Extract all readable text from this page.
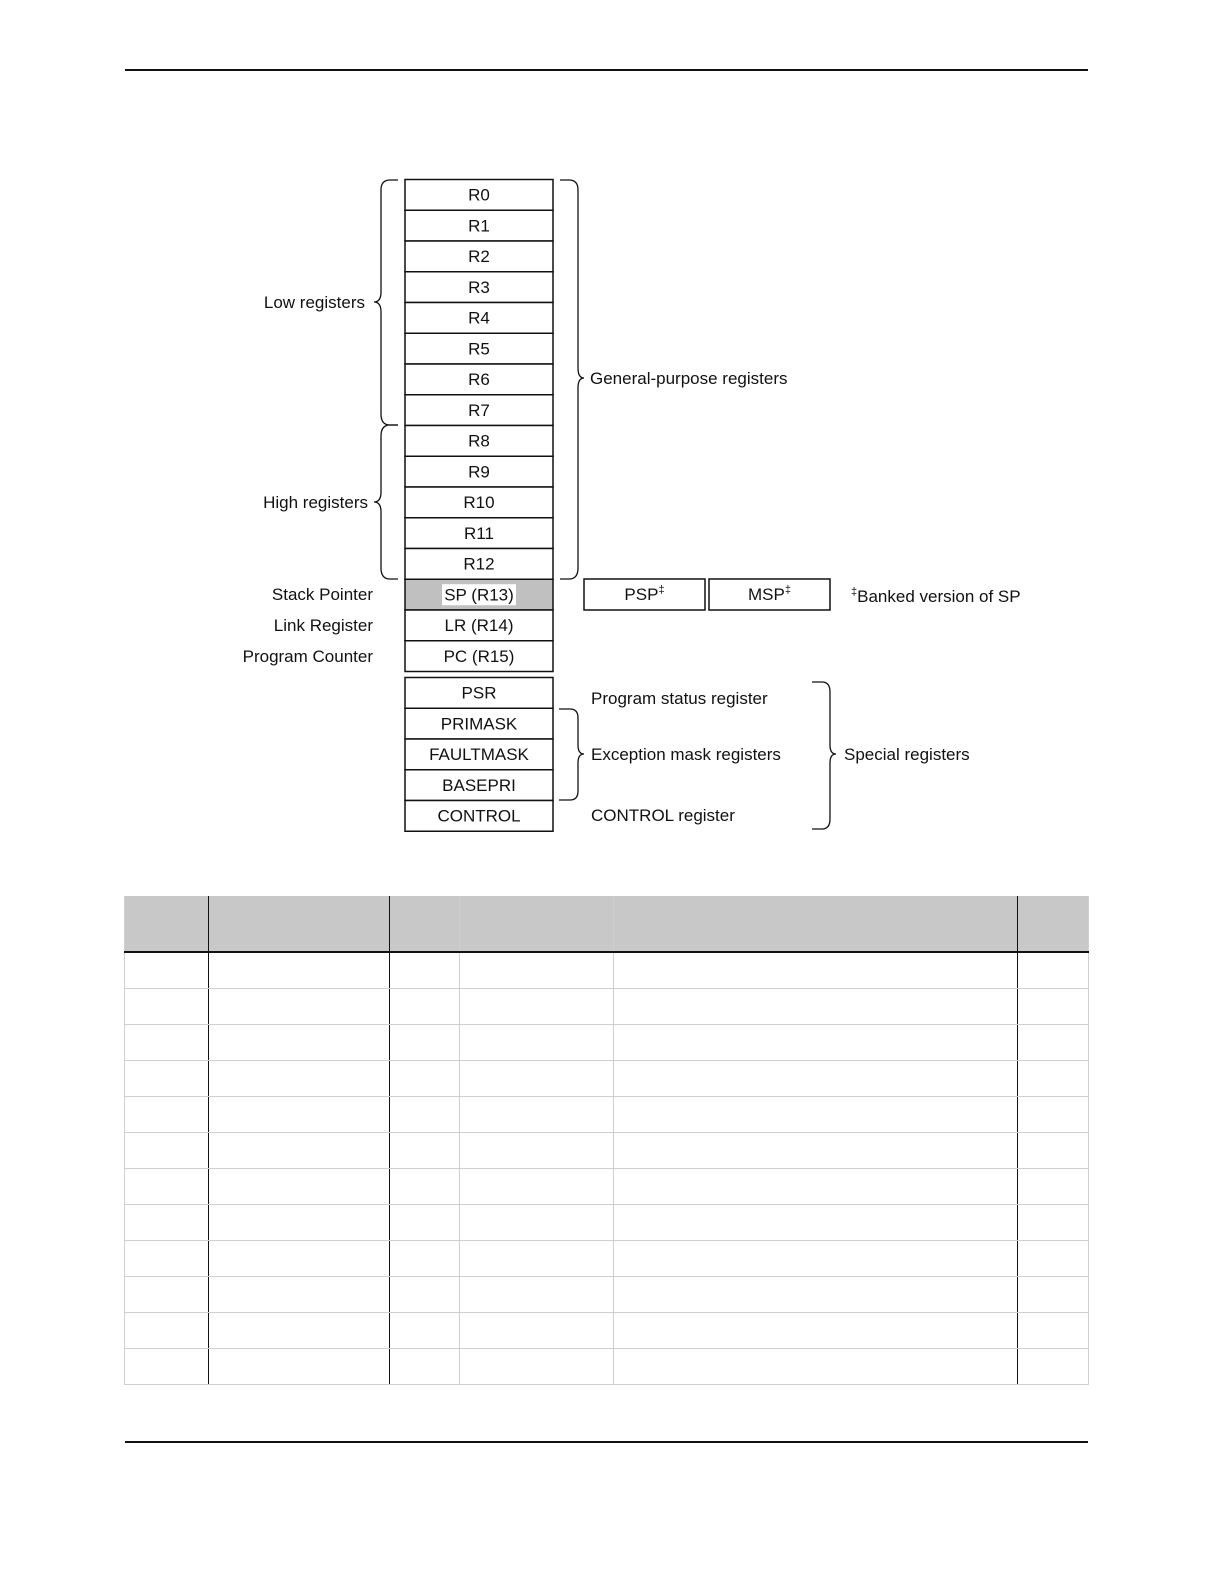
R0
R1
R2
R3
R4
R5
R6
R7
R8
R9
R10
R11
R12
SP (R13)
LR (R14)
PC (R15)
PSR
PRIMASK
FAULTMASK
BASEPRI
CONTROL
PSP‡	MSP‡	‡Banked version of SP
Low registers
High registers
General-purpose registers
Stack Pointer
Link Register
Program Counter
Program status register
Exception mask registers
CONTROL register
Special registers
